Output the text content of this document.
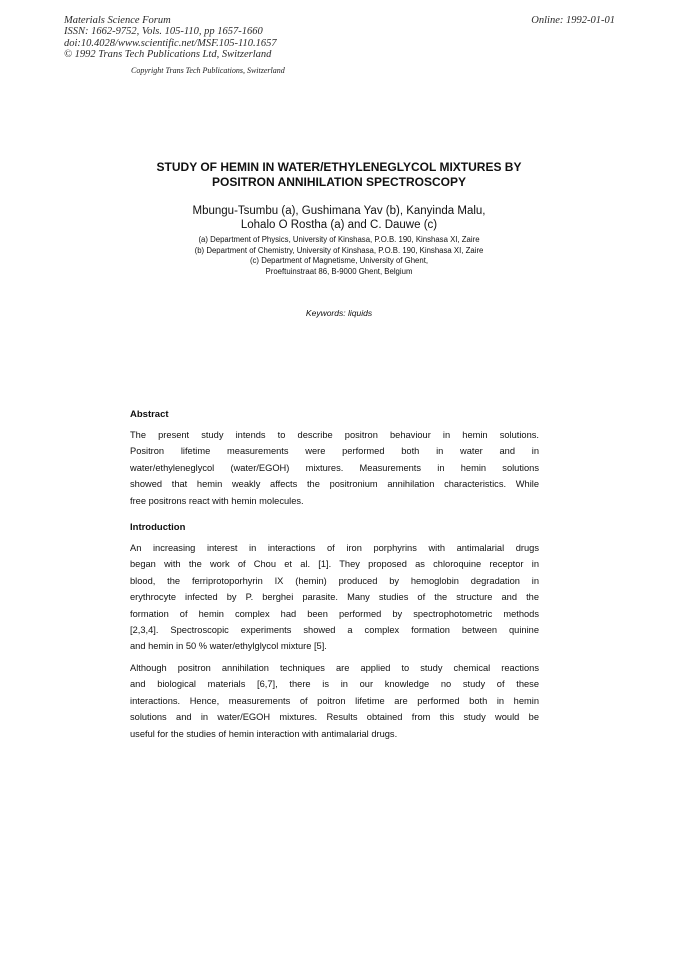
Materials Science Forum
ISSN: 1662-9752, Vols. 105-110, pp 1657-1660
doi:10.4028/www.scientific.net/MSF.105-110.1657
© 1992 Trans Tech Publications Ltd, Switzerland
Online: 1992-01-01
Copyright Trans Tech Publications, Switzerland
STUDY OF HEMIN IN WATER/ETHYLENEGLYCOL MIXTURES BY
POSITRON ANNIHILATION SPECTROSCOPY
Mbungu-Tsumbu (a), Gushimana Yav (b), Kanyinda Malu,
Lohalo O Rostha (a) and C. Dauwe (c)
(a) Department of Physics, University of Kinshasa, P.O.B. 190, Kinshasa XI, Zaire
(b) Department of Chemistry, University of Kinshasa, P.O.B. 190, Kinshasa XI, Zaire
(c) Department of Magnetisme, University of Ghent,
Proeftuinstraat 86, B-9000 Ghent, Belgium
Keywords: liquids
Abstract
The present study intends to describe positron behaviour in hemin solutions.
Positron lifetime measurements were performed both in water and in
water/ethyleneglycol (water/EGOH) mixtures. Measurements in hemin solutions
showed that hemin weakly affects the positronium annihilation characteristics. While
free positrons react with hemin molecules.
Introduction
An increasing interest in interactions of iron porphyrins with antimalarial drugs
began with the work of Chou et al. [1]. They proposed as chloroquine receptor in
blood, the ferriprotoporhyrin IX (hemin) produced by hemoglobin degradation in
erythrocyte infected by P. berghei parasite. Many studies of the structure and the
formation of hemin complex had been performed by spectrophotometric methods
[2,3,4]. Spectroscopic experiments showed a complex formation between quinine
and hemin in 50 % water/ethylglycol mixture [5].
Although positron annihilation techniques are applied to study chemical reactions
and biological materials [6,7], there is in our knowledge no study of these
interactions. Hence, measurements of poitron lifetime are performed both in hemin
solutions and in water/EGOH mixtures. Results obtained from this study would be
useful for the studies of hemin interaction with antimalarial drugs.
